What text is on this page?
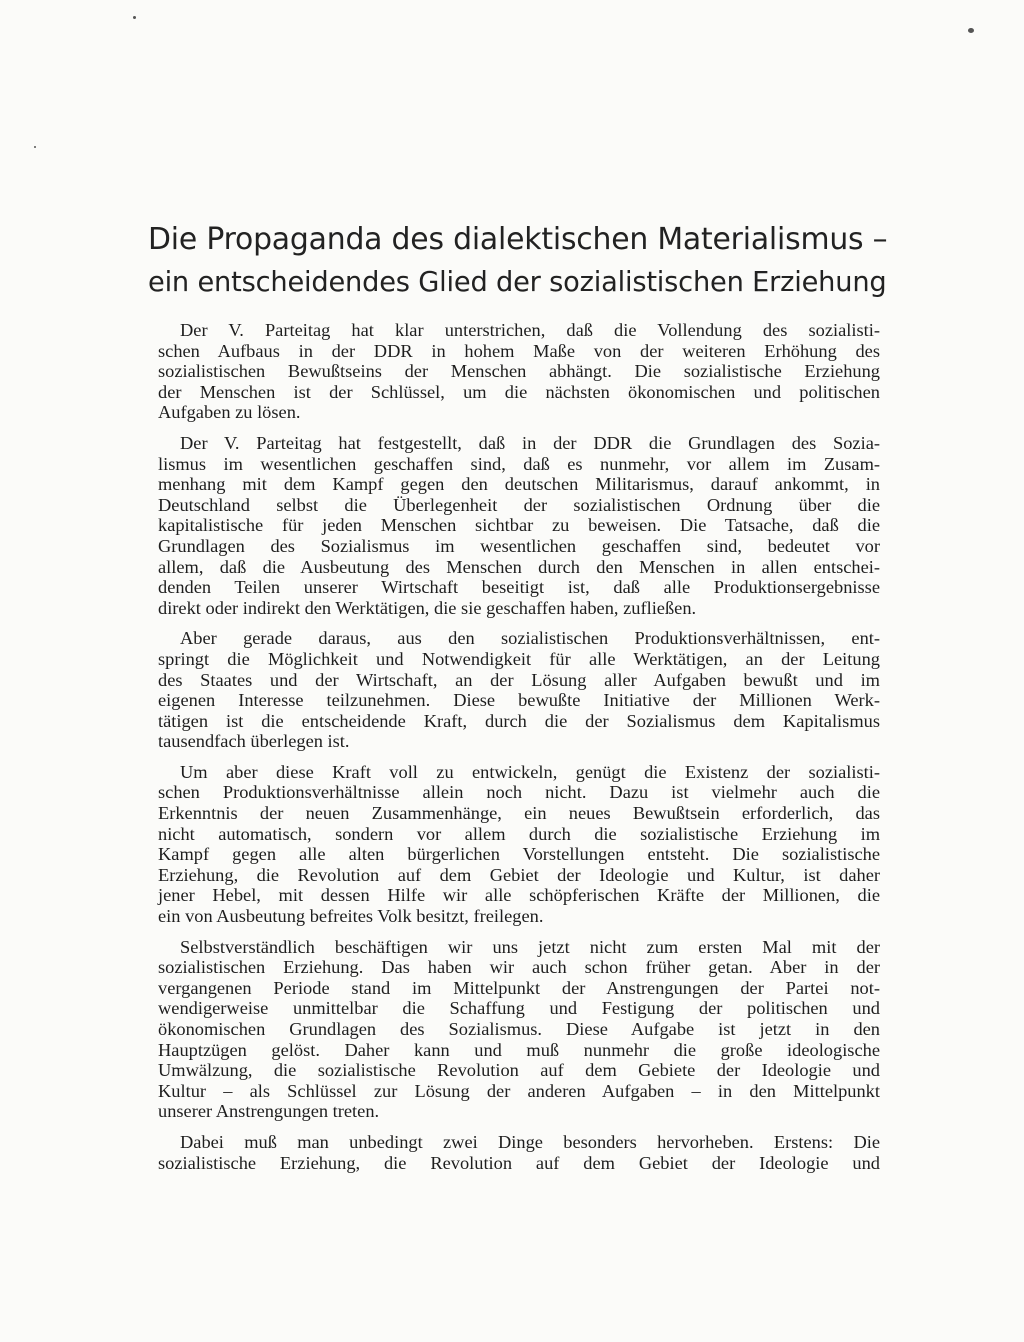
Die Propaganda des dialektischen Materialismus –
ein entscheidendes Glied der sozialistischen Erziehung

Der V. Parteitag hat klar unterstrichen, daß die Vollendung des sozialisti-
schen Aufbaus in der DDR in hohem Maße von der weiteren Erhöhung des
sozialistischen Bewußtseins der Menschen abhängt. Die sozialistische Erziehung
der Menschen ist der Schlüssel, um die nächsten ökonomischen und politischen
Aufgaben zu lösen.

Der V. Parteitag hat festgestellt, daß in der DDR die Grundlagen des Sozia-
lismus im wesentlichen geschaffen sind, daß es nunmehr, vor allem im Zusam-
menhang mit dem Kampf gegen den deutschen Militarismus, darauf ankommt, in
Deutschland selbst die Überlegenheit der sozialistischen Ordnung über die
kapitalistische für jeden Menschen sichtbar zu beweisen. Die Tatsache, daß die
Grundlagen des Sozialismus im wesentlichen geschaffen sind, bedeutet vor
allem, daß die Ausbeutung des Menschen durch den Menschen in allen entschei-
denden Teilen unserer Wirtschaft beseitigt ist, daß alle Produktionsergebnisse
direkt oder indirekt den Werktätigen, die sie geschaffen haben, zufließen.

Aber gerade daraus, aus den sozialistischen Produktionsverhältnissen, ent-
springt die Möglichkeit und Notwendigkeit für alle Werktätigen, an der Leitung
des Staates und der Wirtschaft, an der Lösung aller Aufgaben bewußt und im
eigenen Interesse teilzunehmen. Diese bewußte Initiative der Millionen Werk-
tätigen ist die entscheidende Kraft, durch die der Sozialismus dem Kapitalismus
tausendfach überlegen ist.

Um aber diese Kraft voll zu entwickeln, genügt die Existenz der sozialisti-
schen Produktionsverhältnisse allein noch nicht. Dazu ist vielmehr auch die
Erkenntnis der neuen Zusammenhänge, ein neues Bewußtsein erforderlich, das
nicht automatisch, sondern vor allem durch die sozialistische Erziehung im
Kampf gegen alle alten bürgerlichen Vorstellungen entsteht. Die sozialistische
Erziehung, die Revolution auf dem Gebiet der Ideologie und Kultur, ist daher
jener Hebel, mit dessen Hilfe wir alle schöpferischen Kräfte der Millionen, die
ein von Ausbeutung befreites Volk besitzt, freilegen.

Selbstverständlich beschäftigen wir uns jetzt nicht zum ersten Mal mit der
sozialistischen Erziehung. Das haben wir auch schon früher getan. Aber in der
vergangenen Periode stand im Mittelpunkt der Anstrengungen der Partei not-
wendigerweise unmittelbar die Schaffung und Festigung der politischen und
ökonomischen Grundlagen des Sozialismus. Diese Aufgabe ist jetzt in den
Hauptzügen gelöst. Daher kann und muß nunmehr die große ideologische
Umwälzung, die sozialistische Revolution auf dem Gebiete der Ideologie und
Kultur – als Schlüssel zur Lösung der anderen Aufgaben – in den Mittelpunkt
unserer Anstrengungen treten.

Dabei muß man unbedingt zwei Dinge besonders hervorheben. Erstens: Die
sozialistische Erziehung, die Revolution auf dem Gebiet der Ideologie und
